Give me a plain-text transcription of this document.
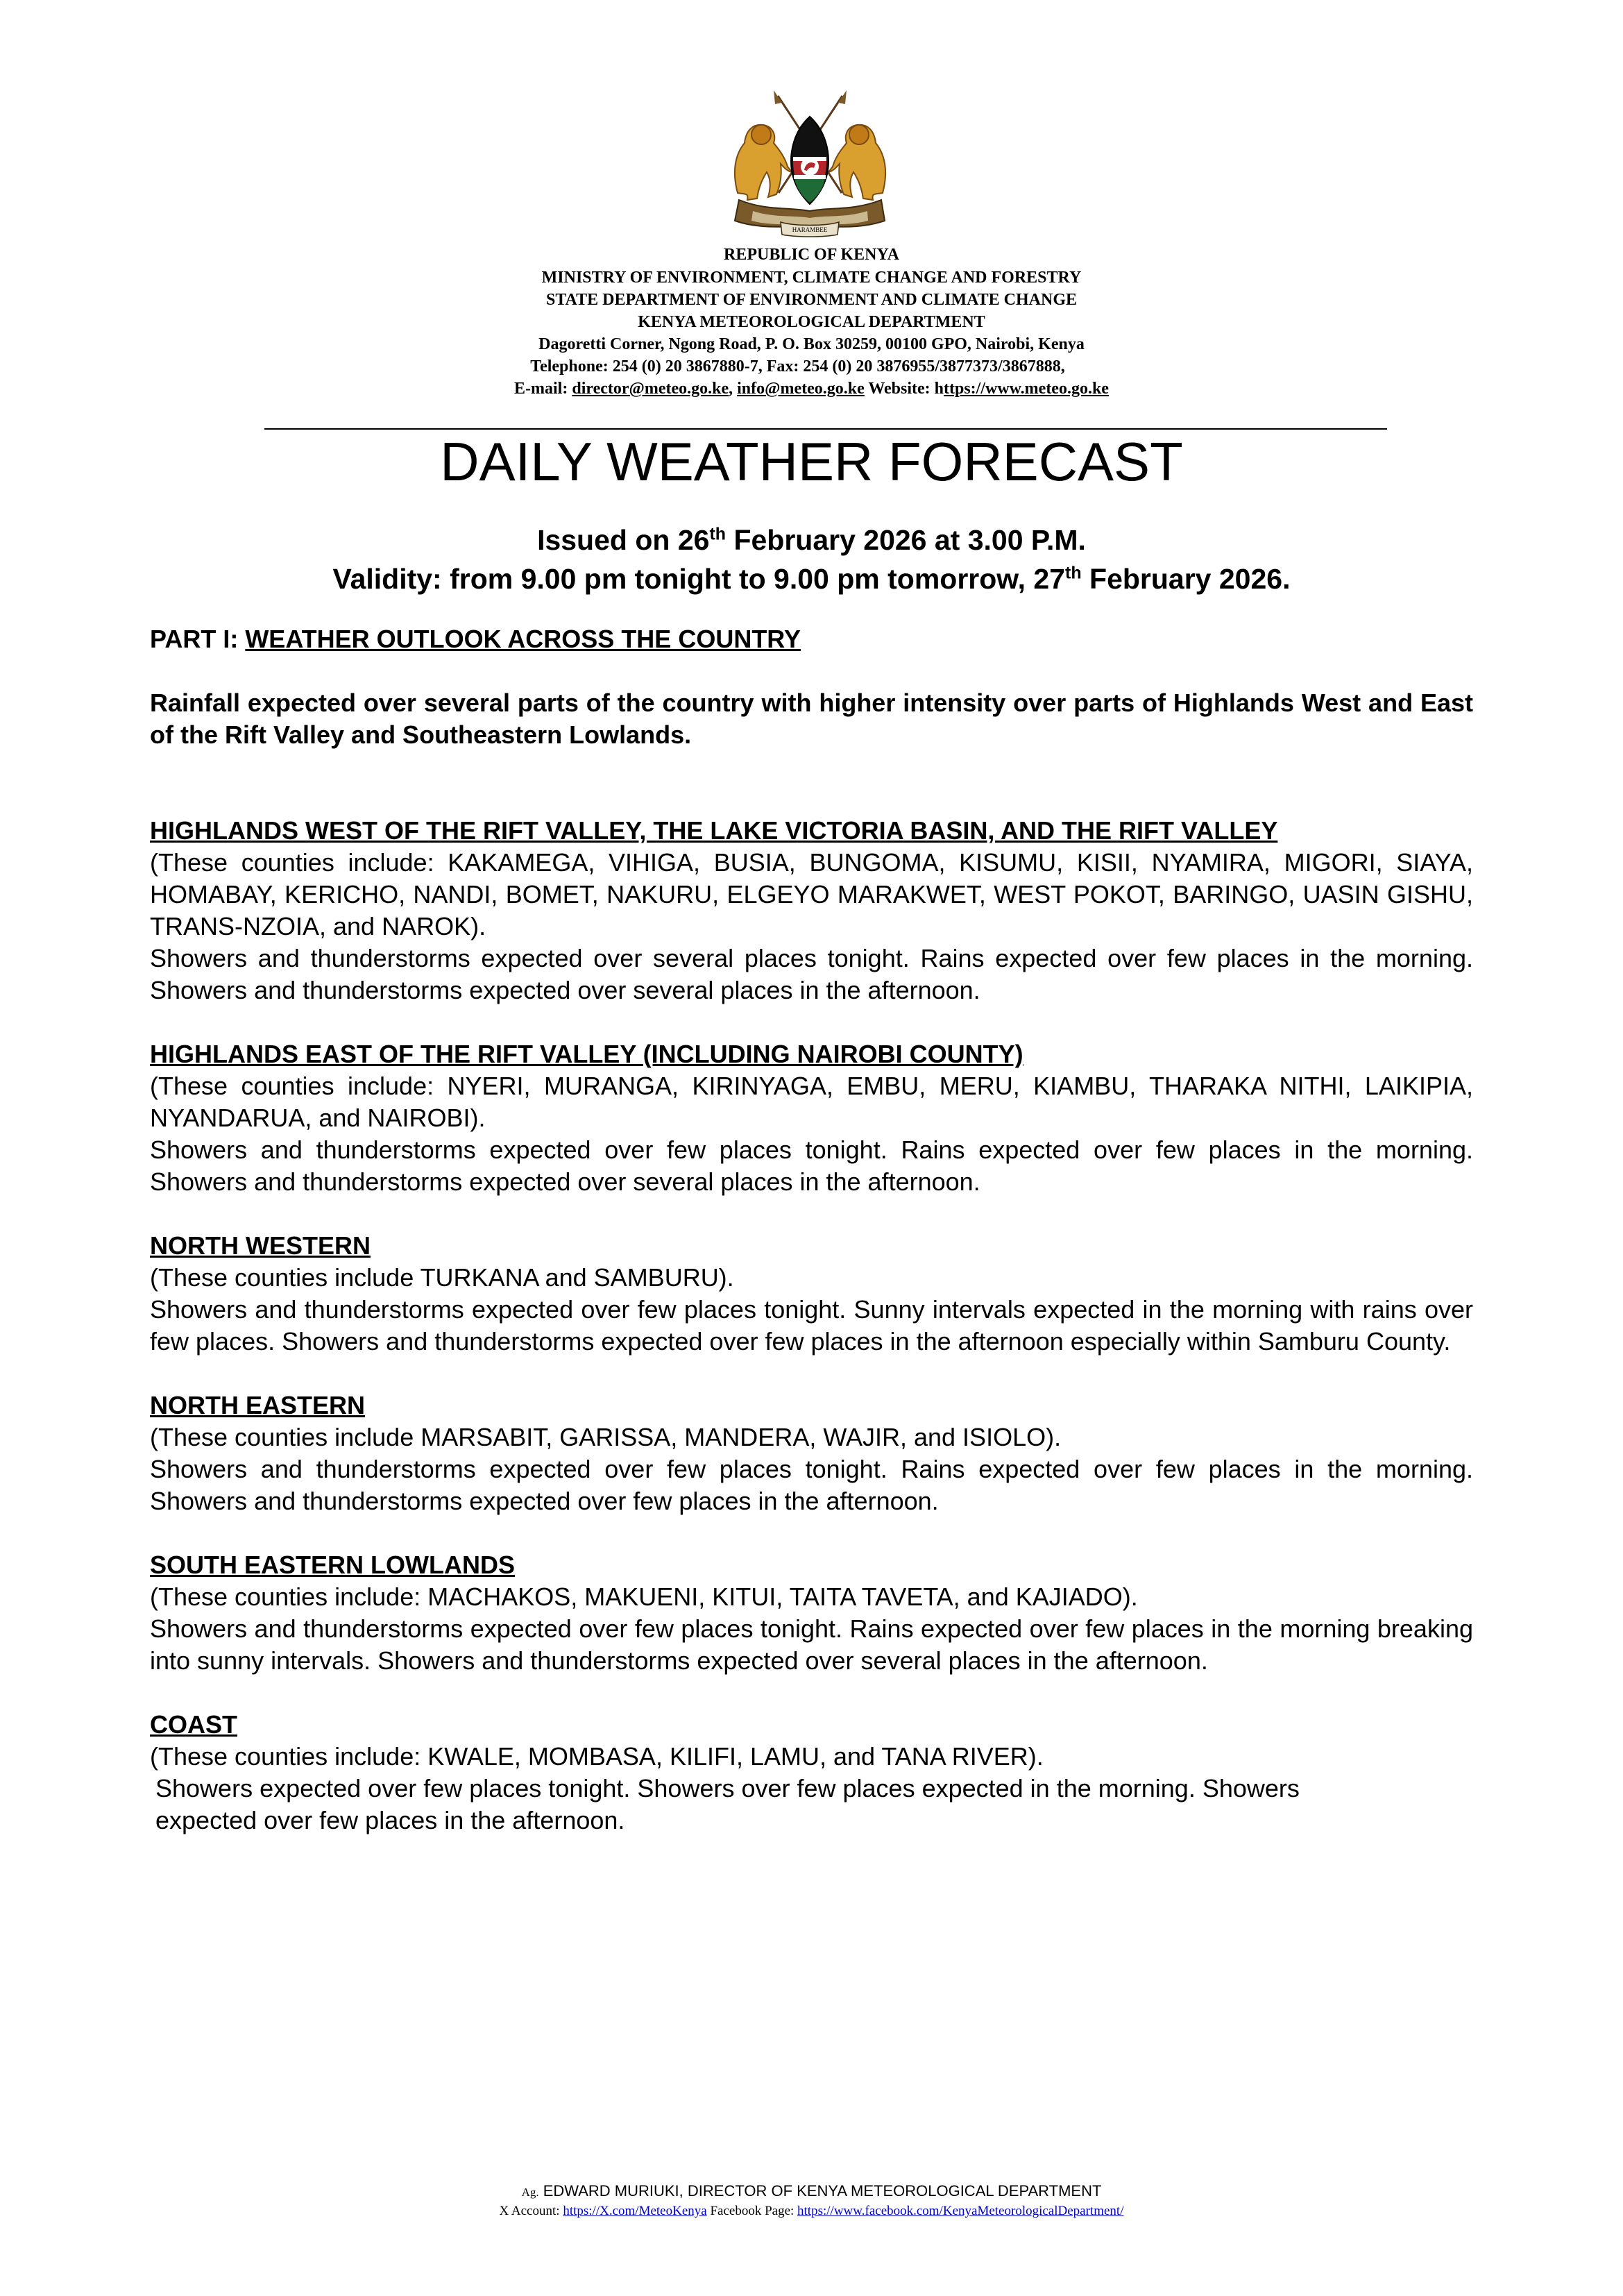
HARAMBEE
REPUBLIC OF KENYA
MINISTRY OF ENVIRONMENT, CLIMATE CHANGE AND FORESTRY
STATE DEPARTMENT OF ENVIRONMENT AND CLIMATE CHANGE
KENYA METEOROLOGICAL DEPARTMENT
Dagoretti Corner, Ngong Road, P. O. Box 30259, 00100 GPO, Nairobi, Kenya
Telephone: 254 (0) 20 3867880-7, Fax: 254 (0) 20 3876955/3877373/3867888,
E-mail: director@meteo.go.ke, info@meteo.go.ke Website: https://www.meteo.go.ke
DAILY WEATHER FORECAST
Issued on 26th February 2026 at 3.00 P.M.
Validity: from 9.00 pm tonight to 9.00 pm tomorrow, 27th February 2026.

PART I: WEATHER OUTLOOK ACROSS THE COUNTRY

Rainfall expected over several parts of the country with higher intensity over parts of Highlands West and East of the Rift Valley and Southeastern Lowlands.

HIGHLANDS WEST OF THE RIFT VALLEY, THE LAKE VICTORIA BASIN, AND THE RIFT VALLEY

(These counties include: KAKAMEGA, VIHIGA, BUSIA, BUNGOMA, KISUMU, KISII, NYAMIRA, MIGORI, SIAYA, HOMABAY, KERICHO, NANDI, BOMET, NAKURU, ELGEYO MARAKWET, WEST POKOT, BARINGO, UASIN GISHU, TRANS-NZOIA, and NAROK).

Showers and thunderstorms expected over several places tonight. Rains expected over few places in the morning. Showers and thunderstorms expected over several places in the afternoon.

HIGHLANDS EAST OF THE RIFT VALLEY (INCLUDING NAIROBI COUNTY)

(These counties include: NYERI, MURANGA, KIRINYAGA, EMBU, MERU, KIAMBU, THARAKA NITHI, LAIKIPIA, NYANDARUA, and NAIROBI).

Showers and thunderstorms expected over few places tonight. Rains expected over few places in the morning. Showers and thunderstorms expected over several places in the afternoon.

NORTH WESTERN

(These counties include TURKANA and SAMBURU).

Showers and thunderstorms expected over few places tonight. Sunny intervals expected in the morning with rains over few places. Showers and thunderstorms expected over few places in the afternoon especially within Samburu County.

NORTH EASTERN

(These counties include MARSABIT, GARISSA, MANDERA, WAJIR, and ISIOLO).

Showers and thunderstorms expected over few places tonight. Rains expected over few places in the morning. Showers and thunderstorms expected over few places in the afternoon.

SOUTH EASTERN LOWLANDS

(These counties include: MACHAKOS, MAKUENI, KITUI, TAITA TAVETA, and KAJIADO).

Showers and thunderstorms expected over few places tonight. Rains expected over few places in the morning breaking into sunny intervals. Showers and thunderstorms expected over several places in the afternoon.

COAST

(These counties include: KWALE, MOMBASA, KILIFI, LAMU, and TANA RIVER).

Showers expected over few places tonight. Showers over few places expected in the morning. Showers expected over few places in the afternoon.

Ag. EDWARD MURIUKI, DIRECTOR OF KENYA METEOROLOGICAL DEPARTMENT
X Account: https://X.com/MeteoKenya Facebook Page: https://www.facebook.com/KenyaMeteorologicalDepartment/
